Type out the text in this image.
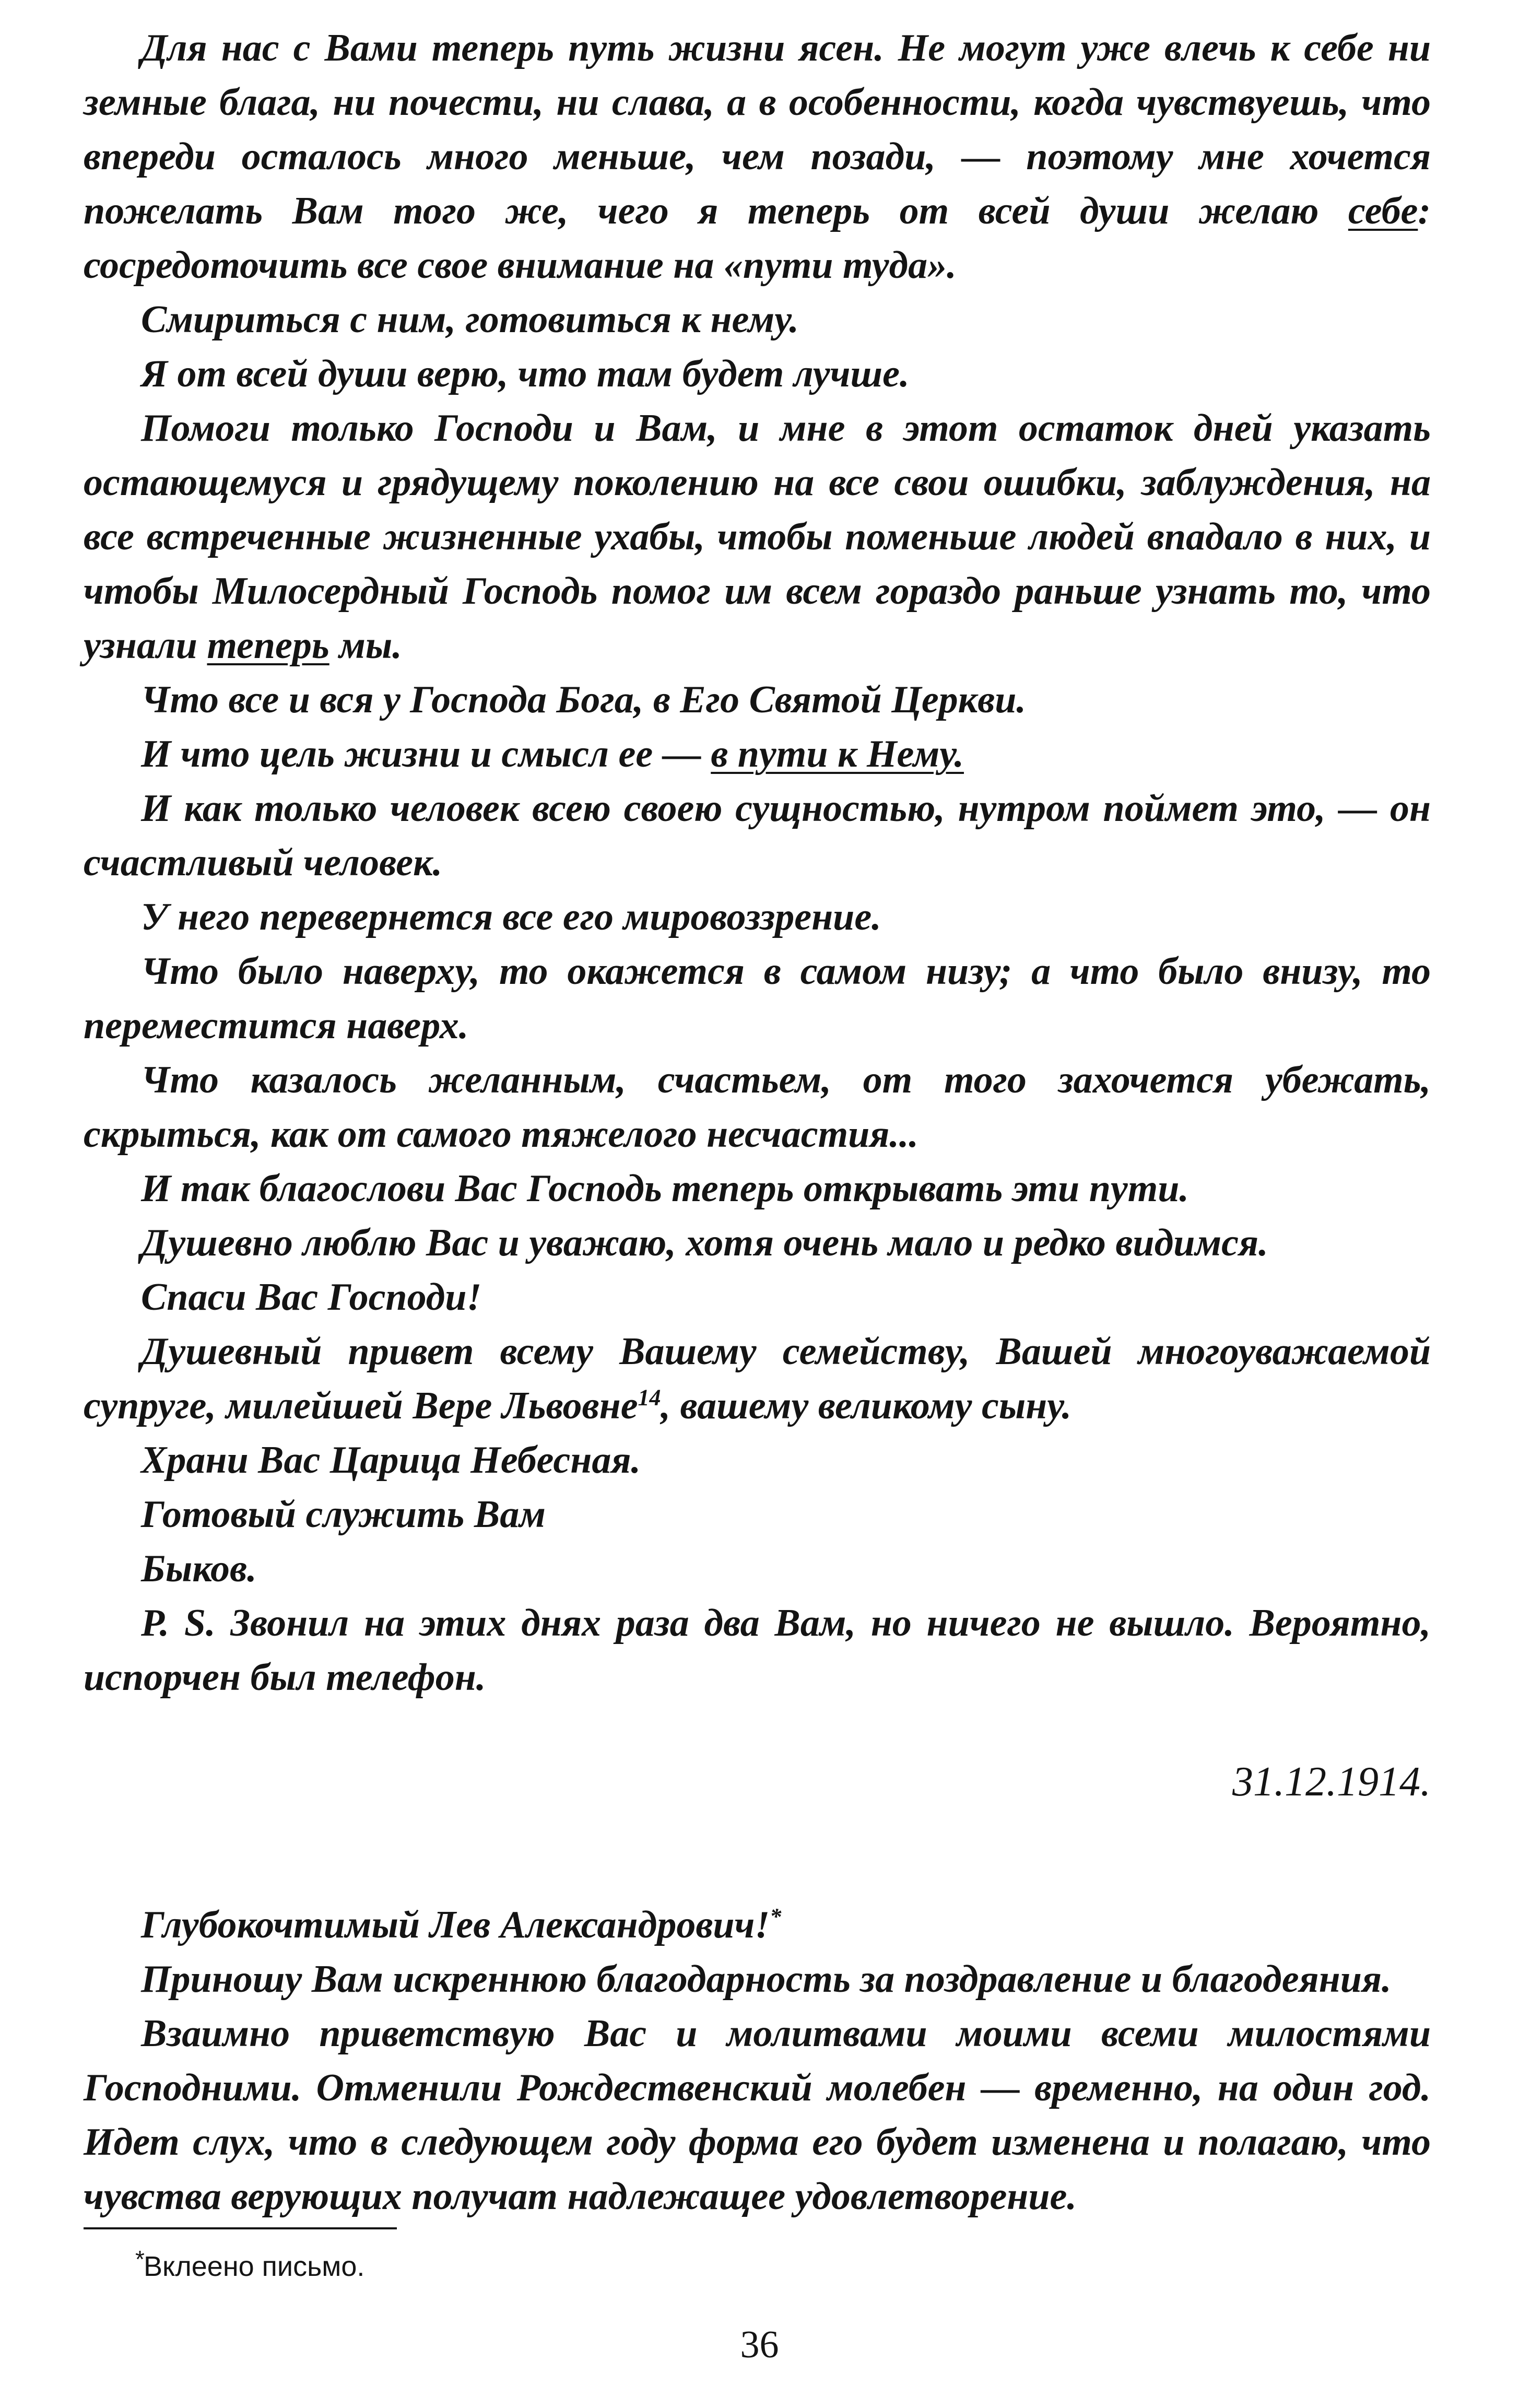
Для нас с Вами теперь путь жизни ясен. Не могут уже влечь к себе ни земные блага, ни почести, ни слава, а в особенности, когда чувствуешь, что впереди осталось много меньше, чем позади, — поэтому мне хочется пожелать Вам того же, чего я теперь от всей души желаю себе: сосредоточить все свое внимание на «пути туда».

Смириться с ним, готовиться к нему.

Я от всей души верю, что там будет лучше.

Помоги только Господи и Вам, и мне в этот остаток дней указать остающемуся и грядущему поколению на все свои ошибки, заблуждения, на все встреченные жизненные ухабы, чтобы поменьше людей впадало в них, и чтобы Милосердный Господь помог им всем гораздо раньше узнать то, что узнали теперь мы.

Что все и вся у Господа Бога, в Его Святой Церкви.

И что цель жизни и смысл ее — в пути к Нему.

И как только человек всею своею сущностью, нутром поймет это, — он счастливый человек.

У него перевернется все его мировоззрение.

Что было наверху, то окажется в самом низу; а что было внизу, то переместится наверх.

Что казалось желанным, счастьем, от того захочется убежать, скрыться, как от самого тяжелого несчастия...

И так благослови Вас Господь теперь открывать эти пути.

Душевно люблю Вас и уважаю, хотя очень мало и редко видимся.

Спаси Вас Господи!

Душевный привет всему Вашему семейству, Вашей многоуважаемой супруге, милейшей Вере Львовне$^{14}$, вашему великому сыну.

Храни Вас Царица Небесная.

Готовый служить Вам

Быков.

P. S. Звонил на этих днях раза два Вам, но ничего не вышло. Вероятно, испорчен был телефон.

31.12.1914.

Глубокочтимый Лев Александрович!*

Приношу Вам искреннюю благодарность за поздравление и благодеяния.

Взаимно приветствую Вас и молитвами моими всеми милостями Господними. Отменили Рождественский молебен — временно, на один год. Идет слух, что в следующем году форма его будет изменена и полагаю, что чувства верующих получат надлежащее удовлетворение.

*
Вклеено письмо.
36
